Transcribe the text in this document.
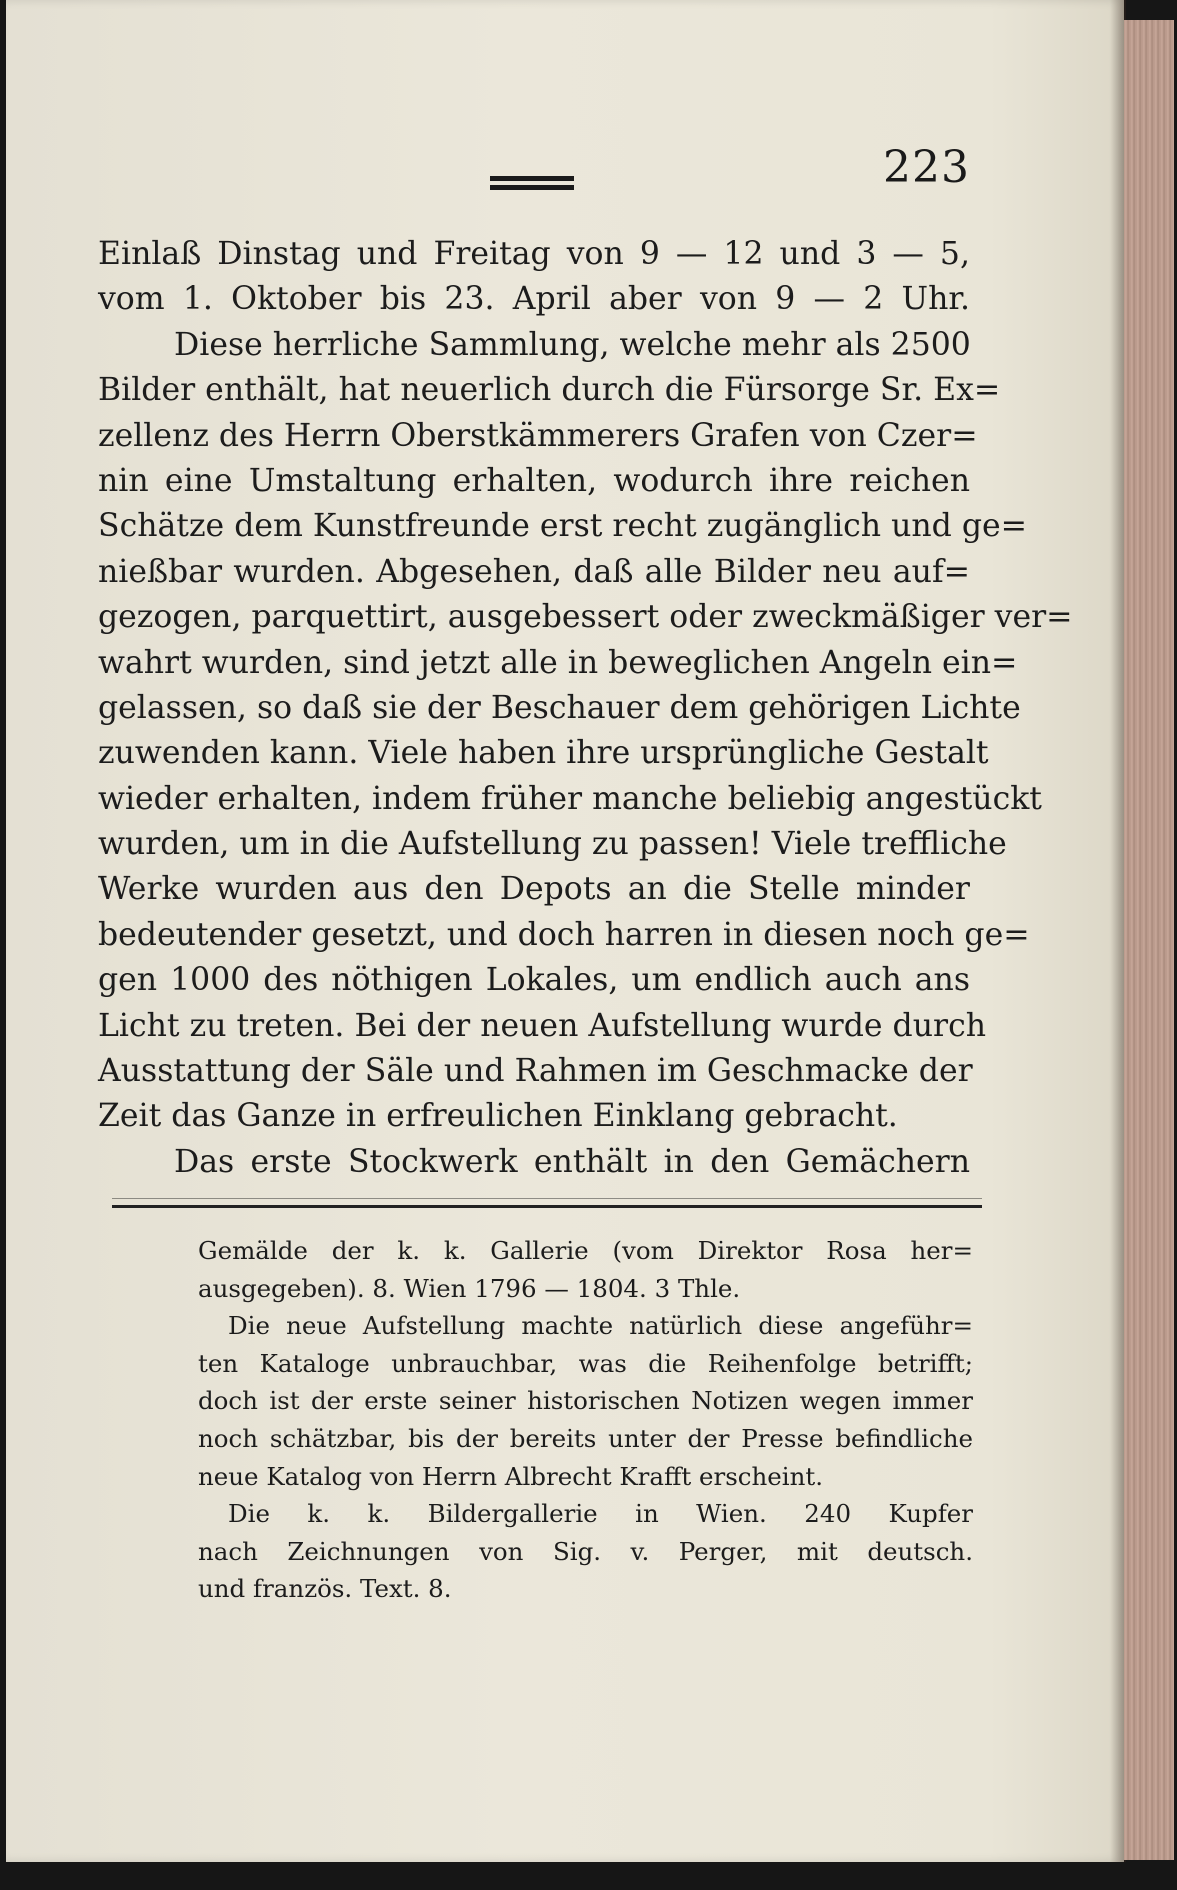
223
Einlaß Dinstag und Freitag von 9 — 12 und 3 — 5,
vom 1. Oktober bis 23. April aber von 9 — 2 Uhr.
Diese herrliche Sammlung, welche mehr als 2500
Bilder enthält, hat neuerlich durch die Fürsorge Sr. Ex=
zellenz des Herrn Oberstkämmerers Grafen von Czer=
nin eine Umstaltung erhalten, wodurch ihre reichen
Schätze dem Kunstfreunde erst recht zugänglich und ge=
nießbar wurden. Abgesehen, daß alle Bilder neu auf=
gezogen, parquettirt, ausgebessert oder zweckmäßiger ver=
wahrt wurden, sind jetzt alle in beweglichen Angeln ein=
gelassen, so daß sie der Beschauer dem gehörigen Lichte
zuwenden kann. Viele haben ihre ursprüngliche Gestalt
wieder erhalten, indem früher manche beliebig angestückt
wurden, um in die Aufstellung zu passen! Viele treffliche
Werke wurden aus den Depots an die Stelle minder
bedeutender gesetzt, und doch harren in diesen noch ge=
gen 1000 des nöthigen Lokales, um endlich auch ans
Licht zu treten. Bei der neuen Aufstellung wurde durch
Ausstattung der Säle und Rahmen im Geschmacke der
Zeit das Ganze in erfreulichen Einklang gebracht.
Das erste Stockwerk enthält in den Gemächern
Gemälde der k. k. Gallerie (vom Direktor Rosa her=
ausgegeben). 8. Wien 1796 — 1804. 3 Thle.
Die neue Aufstellung machte natürlich diese angeführ=
ten Kataloge unbrauchbar, was die Reihenfolge betrifft;
doch ist der erste seiner historischen Notizen wegen immer
noch schätzbar, bis der bereits unter der Presse befindliche
neue Katalog von Herrn Albrecht Krafft erscheint.
Die k. k. Bildergallerie in Wien. 240 Kupfer
nach Zeichnungen von Sig. v. Perger, mit deutsch.
und französ. Text. 8.
